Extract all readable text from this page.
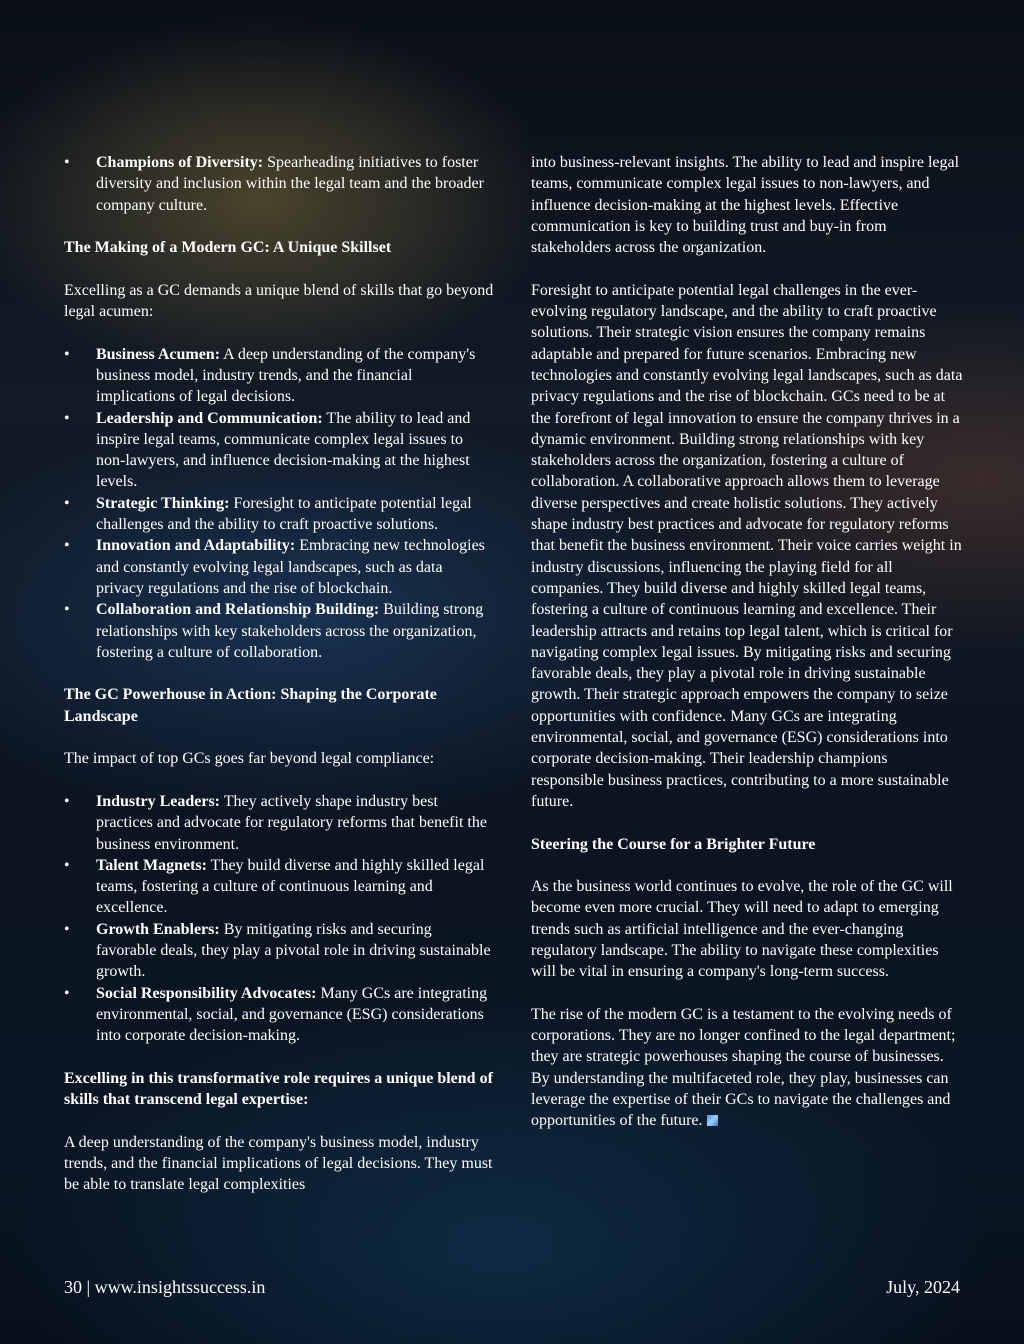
• Champions of Diversity: Spearheading initiatives to foster diversity and inclusion within the legal team and the broader company culture.
The Making of a Modern GC: A Unique Skillset

Excelling as a GC demands a unique blend of skills that go beyond legal acumen:

• Business Acumen: A deep understanding of the company's business model, industry trends, and the financial implications of legal decisions.
• Leadership and Communication: The ability to lead and inspire legal teams, communicate complex legal issues to non-lawyers, and influence decision-making at the highest levels.
• Strategic Thinking: Foresight to anticipate potential legal challenges and the ability to craft proactive solutions.
• Innovation and Adaptability: Embracing new technologies and constantly evolving legal landscapes, such as data privacy regulations and the rise of blockchain.
• Collaboration and Relationship Building: Building strong relationships with key stakeholders across the organization, fostering a culture of collaboration.
The GC Powerhouse in Action: Shaping the Corporate Landscape

The impact of top GCs goes far beyond legal compliance:

• Industry Leaders: They actively shape industry best practices and advocate for regulatory reforms that benefit the business environment.
• Talent Magnets: They build diverse and highly skilled legal teams, fostering a culture of continuous learning and excellence.
• Growth Enablers: By mitigating risks and securing favorable deals, they play a pivotal role in driving sustainable growth.
• Social Responsibility Advocates: Many GCs are integrating environmental, social, and governance (ESG) considerations into corporate decision-making.
Excelling in this transformative role requires a unique blend of skills that transcend legal expertise:

A deep understanding of the company's business model, industry trends, and the financial implications of legal decisions. They must be able to translate legal complexities

into business-relevant insights. The ability to lead and inspire legal teams, communicate complex legal issues to non-lawyers, and influence decision-making at the highest levels. Effective communication is key to building trust and buy-in from stakeholders across the organization.

Foresight to anticipate potential legal challenges in the ever-evolving regulatory landscape, and the ability to craft proactive solutions. Their strategic vision ensures the company remains adaptable and prepared for future scenarios. Embracing new technologies and constantly evolving legal landscapes, such as data privacy regulations and the rise of blockchain. GCs need to be at the forefront of legal innovation to ensure the company thrives in a dynamic environment. Building strong relationships with key stakeholders across the organization, fostering a culture of collaboration. A collaborative approach allows them to leverage diverse perspectives and create holistic solutions. They actively shape industry best practices and advocate for regulatory reforms that benefit the business environment. Their voice carries weight in industry discussions, influencing the playing field for all companies. They build diverse and highly skilled legal teams, fostering a culture of continuous learning and excellence. Their leadership attracts and retains top legal talent, which is critical for navigating complex legal issues. By mitigating risks and securing favorable deals, they play a pivotal role in driving sustainable growth. Their strategic approach empowers the company to seize opportunities with confidence. Many GCs are integrating environmental, social, and governance (ESG) considerations into corporate decision-making. Their leadership champions responsible business practices, contributing to a more sustainable future.

Steering the Course for a Brighter Future

As the business world continues to evolve, the role of the GC will become even more crucial. They will need to adapt to emerging trends such as artificial intelligence and the ever-changing regulatory landscape. The ability to navigate these complexities will be vital in ensuring a company's long-term success.

The rise of the modern GC is a testament to the evolving needs of corporations. They are no longer confined to the legal department; they are strategic powerhouses shaping the course of businesses. By understanding the multifaceted role, they play, businesses can leverage the expertise of their GCs to navigate the challenges and opportunities of the future.

30 | www.insightssuccess.in	July, 2024
